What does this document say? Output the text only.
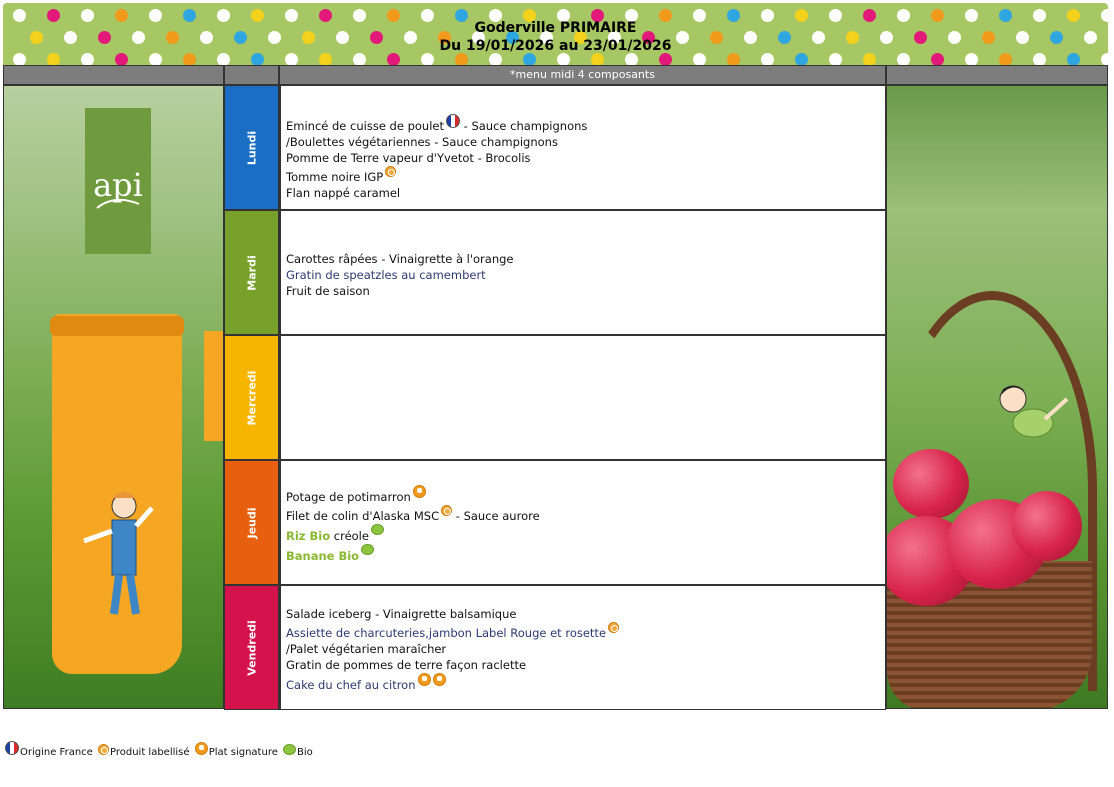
Goderville PRIMAIRE
Du 19/01/2026 au 23/01/2026
*menu midi 4 composants
api
Lundi
Emincé de cuisse de poulet - Sauce champignons
/Boulettes végétariennes - Sauce champignons
Pomme de Terre vapeur d'Yvetot - Brocolis
Tomme noire IGP
Flan nappé caramel
Mardi Carottes râpées - Vinaigrette à l'orange
Gratin de speatzles au camembert
Fruit de saison
Mercredi
Jeudi
Potage de potimarron
Filet de colin d'Alaska MSC - Sauce aurore
Riz Bio créole
Banane Bio
Vendredi
Salade iceberg - Vinaigrette balsamique
Assiette de charcuteries,jambon Label Rouge et rosette
/Palet végétarien maraîcher
Gratin de pommes de terre façon raclette
Cake du chef au citron
Origine France Produit labellisé Plat signature Bio
